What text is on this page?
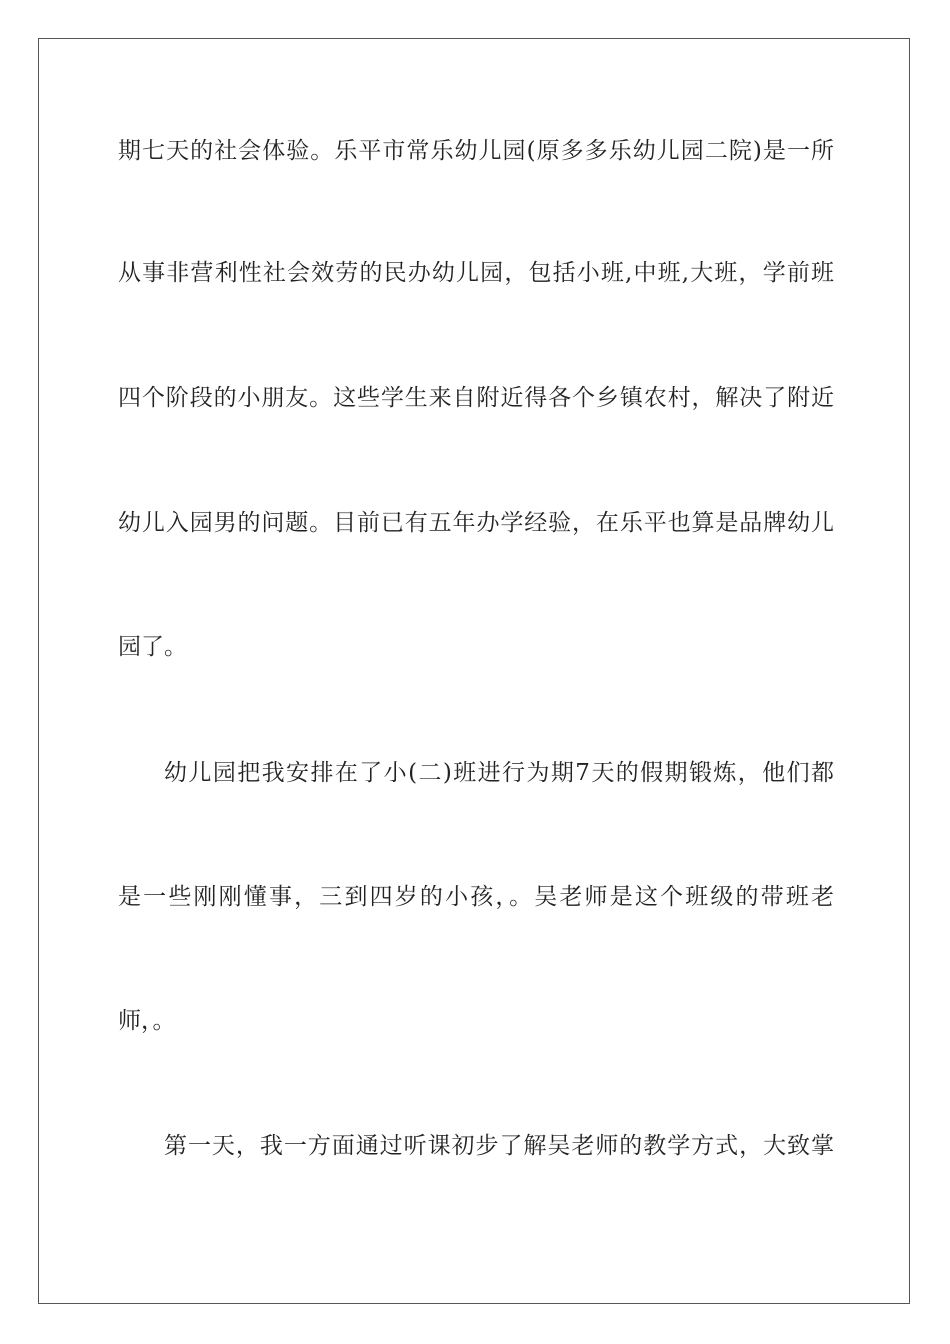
期七天的社会体验。乐平市常乐幼儿园(原多多乐幼儿园二院)是一所
从事非营利性社会效劳的民办幼儿园，包括小班,中班,大班，学前班
四个阶段的小朋友。这些学生来自附近得各个乡镇农村，解决了附近
幼儿入园男的问题。目前已有五年办学经验，在乐平也算是品牌幼儿
园了。
幼儿园把我安排在了小(二)班进行为期7天的假期锻炼，他们都
是一些刚刚懂事，三到四岁的小孩，。吴老师是这个班级的带班老
师，。
第一天，我一方面通过听课初步了解吴老师的教学方式，大致掌
